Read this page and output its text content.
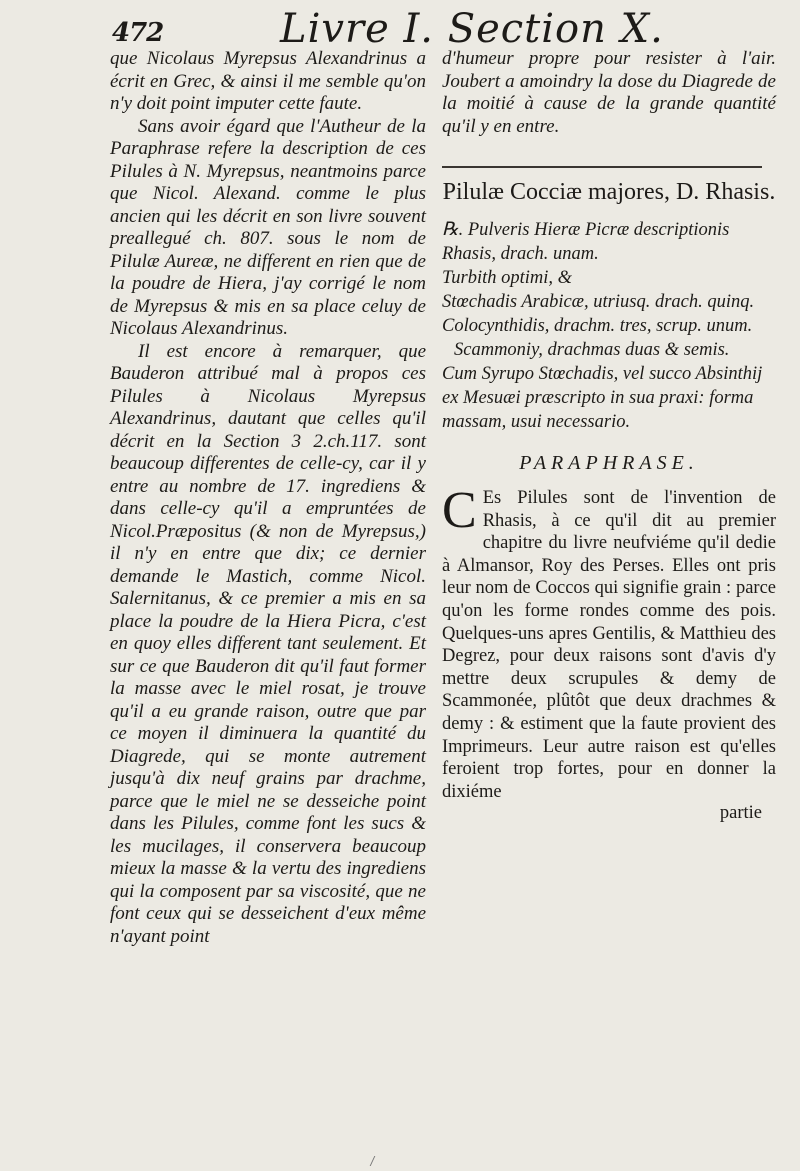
472	Livre I. Section X.

que Nicolaus Myrepsus Alexandrinus a écrit en Grec, & ainsi il me semble qu'on n'y doit point imputer cette faute.

Sans avoir égard que l'Autheur de la Paraphrase refere la description de ces Pilules à N. Myrepsus, neantmoins parce que Nicol. Alexand. comme le plus ancien qui les décrit en son livre souvent preallegué ch. 807. sous le nom de Pilulæ Aureæ, ne different en rien que de la poudre de Hiera, j'ay corrigé le nom de Myrepsus & mis en sa place celuy de Nicolaus Alexandrinus.

Il est encore à remarquer, que Bauderon attribué mal à propos ces Pilules à Nicolaus Myrepsus Alexandrinus, dautant que celles qu'il décrit en la Section 3 2.ch.117. sont beaucoup differentes de celle-cy, car il y entre au nombre de 17. ingrediens & dans celle-cy qu'il a empruntées de Nicol.Præpositus (& non de Myrepsus,) il n'y en entre que dix; ce dernier demande le Mastich, comme Nicol. Salernitanus, & ce premier a mis en sa place la poudre de la Hiera Picra, c'est en quoy elles different tant seulement. Et sur ce que Bauderon dit qu'il faut former la masse avec le miel rosat, je trouve qu'il a eu grande raison, outre que par ce moyen il diminuera la quantité du Diagrede, qui se monte autrement jusqu'à dix neuf grains par drachme, parce que le miel ne se desseiche point dans les Pilules, comme font les sucs & les mucilages, il conservera beaucoup mieux la masse & la vertu des ingrediens qui la composent par sa viscosité, que ne font ceux qui se desseichent d'eux même n'ayant point

d'humeur propre pour resister à l'air. Joubert a amoindry la dose du Diagrede de la moitié à cause de la grande quantité qu'il y en entre.

Pilulæ Cocciæ majores, D. Rhasis.

℞. Pulveris Hieræ Picræ descriptionis Rhasis, drach. unam.

Turbith optimi, &

Stœchadis Arabicæ, utriusq. drach. quinq.

Colocynthidis, drachm. tres, scrup. unum.

Scammoniy, drachmas duas & semis.

Cum Syrupo Stœchadis, vel succo Absinthij ex Mesuæi præscripto in sua praxi: forma massam, usui necessario.

PARAPHRASE.

C Es Pilules sont de l'invention de Rhasis, à ce qu'il dit au premier chapitre du livre neufviéme qu'il dedie à Almansor, Roy des Perses. Elles ont pris leur nom de Coccos qui signifie grain : parce qu'on les forme rondes comme des pois. Quelques-uns apres Gentilis, & Matthieu des Degrez, pour deux raisons sont d'avis d'y mettre deux scrupules & demy de Scammonée, plûtôt que deux drachmes & demy : & estiment que la faute provient des Imprimeurs. Leur autre raison est qu'elles feroient trop fortes, pour en donner la dixiéme

partie
